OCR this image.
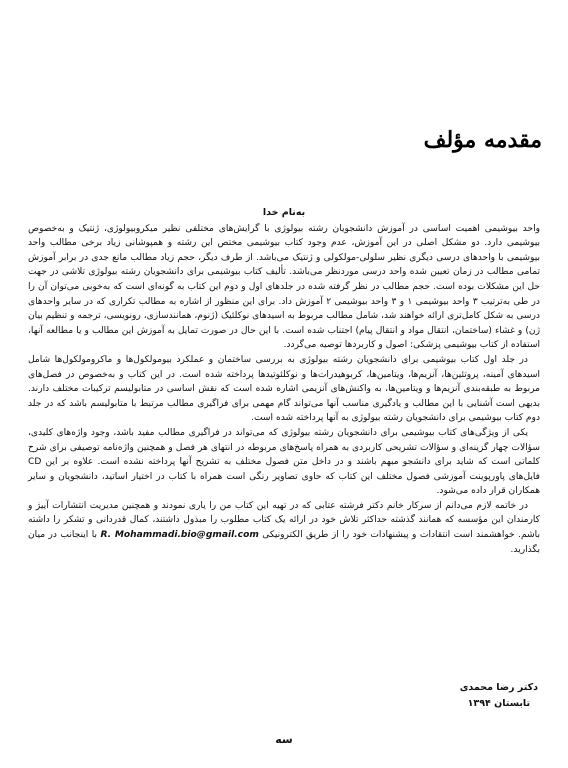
مقدمه مؤلف

به‌نام خدا

واحد بیوشیمی اهمیت اساسی در آموزش دانشجویان رشته بیولوژی با گرایش‌های مختلفی نظیر میکروبیولوژی، ژنتیک و به‌خصوص بیوشیمی دارد. دو مشکل اصلی در این آموزش، عدم وجود کتاب بیوشیمی مختص این رشته و همپوشانی زیاد برخی مطالب واحد بیوشیمی با واحدهای درسی دیگری نظیر سلولی-مولکولی و ژنتیک می‌باشد. از طرف دیگر، حجم زیاد مطالب مانع جدی در برابر آموزش تمامی مطالب در زمان تعیین شده واحد درسی موردنظر می‌باشد. تألیف کتاب بیوشیمی برای دانشجویان رشته بیولوژی تلاشی در جهت حل این مشکلات بوده است. حجم مطالب در نظر گرفته شده در جلدهای اول و دوم این کتاب به گونه‌ای است که به‌خوبی می‌توان آن را در طی به‌ترتیب ۳ واحد بیوشیمی ۱ و ۳ واحد بیوشیمی ۲ آموزش داد. برای این منظور از اشاره به مطالب تکراری که در سایر واحدهای درسی به شکل کامل‌تری ارائه خواهند شد، شامل مطالب مربوط به اسیدهای نوکلئیک (ژنوم، همانندسازی، رونویسی، ترجمه و تنظیم بیان ژن) و غشاء (ساختمان، انتقال مواد و انتقال پیام) اجتناب شده است. با این حال در صورت تمایل به آموزش این مطالب و یا مطالعه آنها، استفاده از کتاب بیوشیمی پزشکی: اصول و کاربردها توصیه می‌گردد.

در جلد اول کتاب بیوشیمی برای دانشجویان رشته بیولوژی به بررسی ساختمان و عملکرد بیومولکول‌ها و ماکرومولکول‌ها شامل اسیدهای آمینه، پروتئین‌ها، آنزیم‌ها، ویتامین‌ها، کربوهیدرات‌ها و نوکلئوتیدها پرداخته شده است. در این کتاب و به‌خصوص در فصل‌های مربوط به طبقه‌بندی آنزیم‌ها و ویتامین‌ها، به واکنش‌های آنزیمی اشاره شده است که نقش اساسی در متابولیسم ترکیبات مختلف دارند. بدیهی است آشنایی با این مطالب و یادگیری مناسب آنها می‌تواند گام مهمی برای فراگیری مطالب مرتبط با متابولیسم باشد که در جلد دوم کتاب بیوشیمی برای دانشجویان رشته بیولوژی به آنها پرداخته شده است.

یکی از ویژگی‌های کتاب بیوشیمی برای دانشجویان رشته بیولوژی که می‌تواند در فراگیری مطالب مفید باشد، وجود واژه‌های کلیدی، سؤالات چهار گزینه‌ای و سؤالات تشریحی کاربردی به همراه پاسخ‌های مربوطه در انتهای هر فصل و همچنین واژه‌نامه توصیفی برای شرح کلماتی است که شاید برای دانشجو مبهم باشند و در داخل متن فصول مختلف به تشریح آنها پرداخته نشده است. علاوه بر این CD فایل‌های پاورپوینت آموزشی فصول مختلف این کتاب که حاوی تصاویر رنگی است همراه با کتاب در اختیار اساتید، دانشجویان و سایر همکاران قرار داده می‌شود.

در خاتمه لازم می‌دانم از سرکار خانم دکتر فرشته عتابی که در تهیه این کتاب من را یاری نمودند و همچنین مدیریت انتشارات آییژ و کارمندان این مؤسسه که همانند گذشته حداکثر تلاش خود در ارائه یک کتاب مطلوب را مبذول داشتند، کمال قدردانی و تشکر را داشته باشم. خواهشمند است انتقادات و پیشنهادات خود را از طریق الکترونیکی R. Mohammadi.bio@gmail.com با اینجانب در میان بگذارید.

دکتر رضا محمدی
تابستان ۱۳۹۴
سه
